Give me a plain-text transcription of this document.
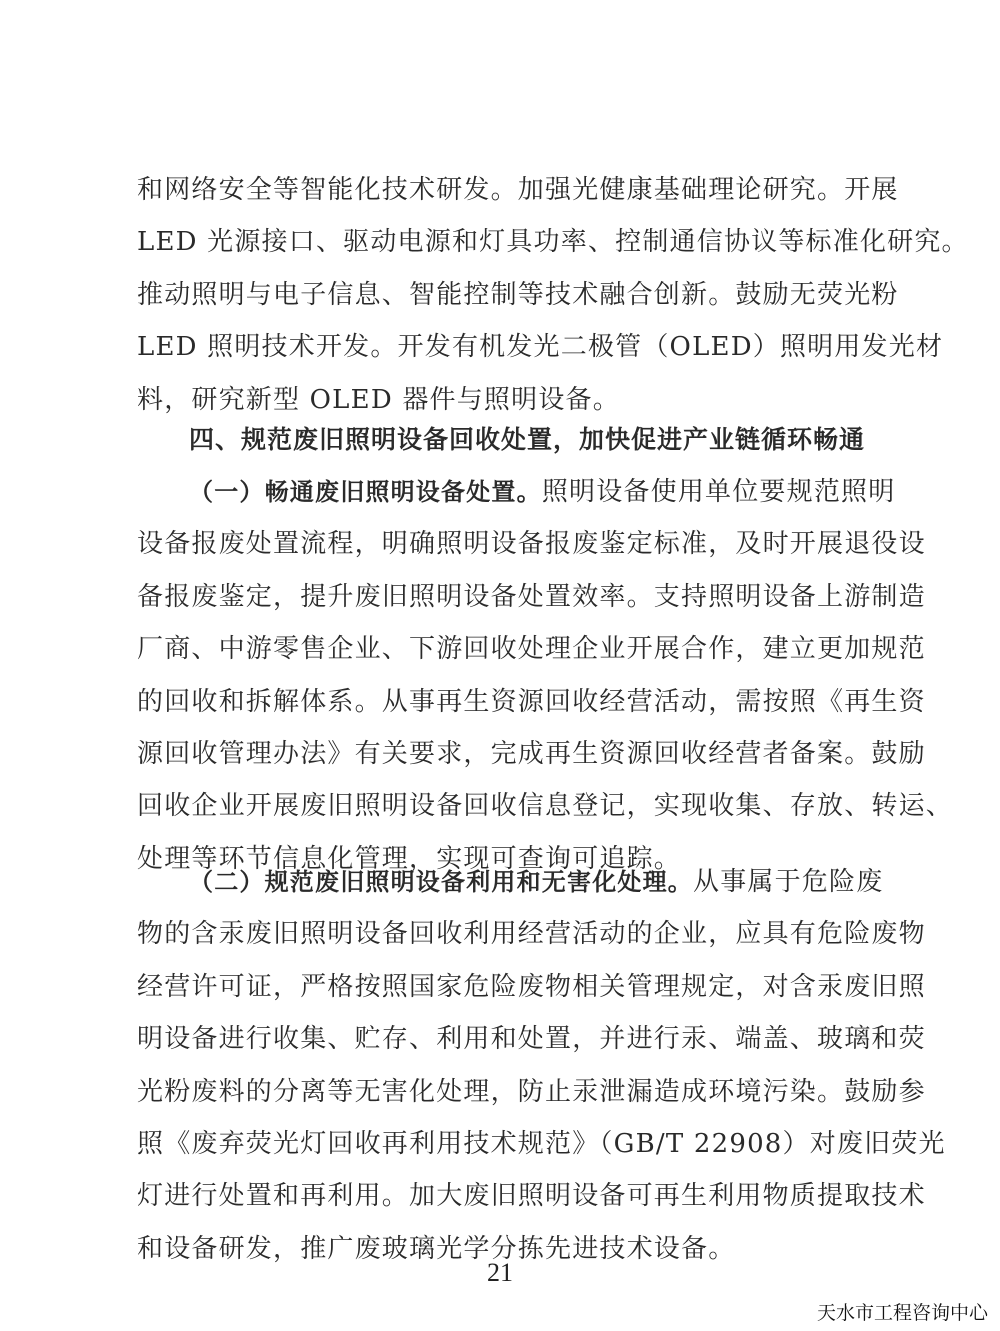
和网络安全等智能化技术研发。加强光健康基础理论研究。开展
LED 光源接口、驱动电源和灯具功率、控制通信协议等标准化研究。
推动照明与电子信息、智能控制等技术融合创新。鼓励无荧光粉
LED 照明技术开发。开发有机发光二极管（OLED）照明用发光材
料，研究新型 OLED 器件与照明设备。
四、规范废旧照明设备回收处置，加快促进产业链循环畅通
（一）畅通废旧照明设备处置。照明设备使用单位要规范照明
设备报废处置流程，明确照明设备报废鉴定标准，及时开展退役设
备报废鉴定，提升废旧照明设备处置效率。支持照明设备上游制造
厂商、中游零售企业、下游回收处理企业开展合作，建立更加规范
的回收和拆解体系。从事再生资源回收经营活动，需按照《再生资
源回收管理办法》有关要求，完成再生资源回收经营者备案。鼓励
回收企业开展废旧照明设备回收信息登记，实现收集、存放、转运、
处理等环节信息化管理，实现可查询可追踪。
（二）规范废旧照明设备利用和无害化处理。从事属于危险废
物的含汞废旧照明设备回收利用经营活动的企业，应具有危险废物
经营许可证，严格按照国家危险废物相关管理规定，对含汞废旧照
明设备进行收集、贮存、利用和处置，并进行汞、端盖、玻璃和荧
光粉废料的分离等无害化处理，防止汞泄漏造成环境污染。鼓励参
照《废弃荧光灯回收再利用技术规范》（GB/T 22908）对废旧荧光
灯进行处置和再利用。加大废旧照明设备可再生利用物质提取技术
和设备研发，推广废玻璃光学分拣先进技术设备。
21
天水市工程咨询中心
